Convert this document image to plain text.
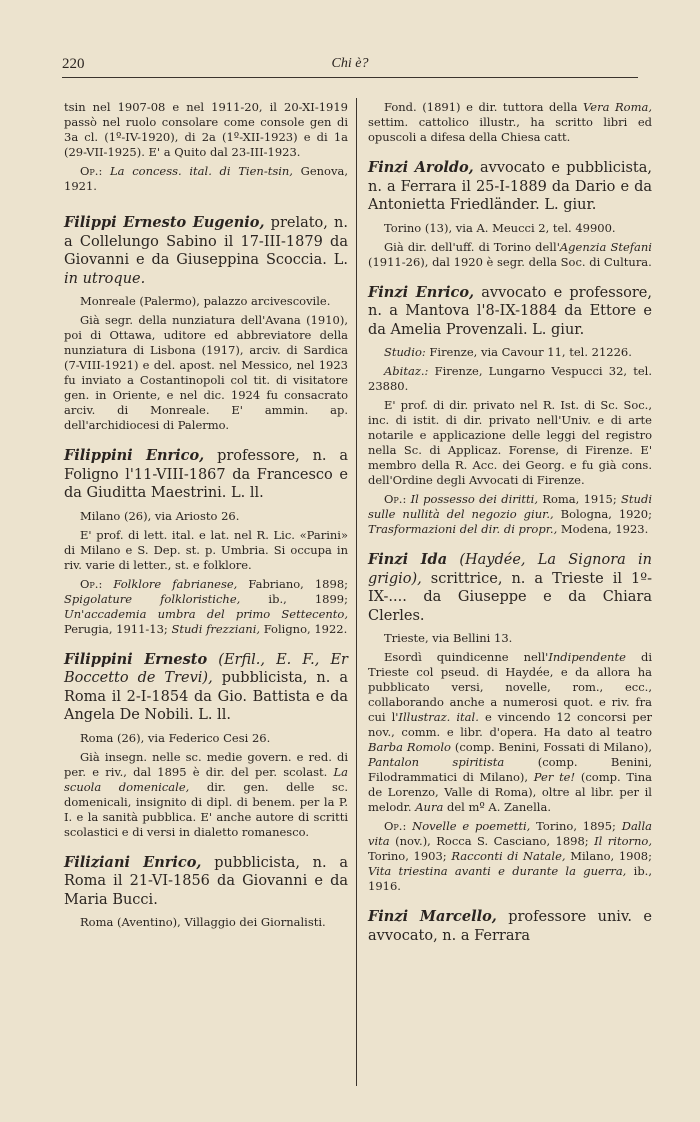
220	Chi è?

tsin nel 1907-08 e nel 1911-20, il 20-XI-1919 passò nel ruolo consolare come console gen di 3a cl. (1º-IV-1920), di 2a (1º-XII-1923) e di 1a (29-VII-1925). E' a Quito dal 23-III-1923.

Op.: La concess. ital. di Tien-tsin, Genova, 1921.

Filippi Ernesto Eugenio, prelato, n. a Collelungo Sabino il 17-III-1879 da Giovanni e da Giuseppina Scoccia. L. in utroque.

Monreale (Palermo), palazzo arcivescovile.

Già segr. della nunziatura dell'Avana (1910), poi di Ottawa, uditore ed abbreviatore della nunziatura di Lisbona (1917), arciv. di Sardica (7-VIII-1921) e del. apost. nel Messico, nel 1923 fu inviato a Costantinopoli col tit. di visitatore gen. in Oriente, e nel dic. 1924 fu consacrato arciv. di Monreale. E' ammin. ap. dell'archidiocesi di Palermo.

Filippini Enrico, professore, n. a Foligno l'11-VIII-1867 da Francesco e da Giuditta Maestrini. L. ll.

Milano (26), via Ariosto 26.

E' prof. di lett. ital. e lat. nel R. Lic. «Parini» di Milano e S. Dep. st. p. Umbria. Si occupa in riv. varie di letter., st. e folklore.

Op.: Folklore fabrianese, Fabriano, 1898; Spigolature folkloristiche, ib., 1899; Un'accademia umbra del primo Settecento, Perugia, 1911-13; Studi frezziani, Foligno, 1922.

Filippini Ernesto (Erfil., E. F., Er Boccetto de Trevi), pubblicista, n. a Roma il 2-I-1854 da Gio. Battista e da Angela De Nobili. L. ll.

Roma (26), via Federico Cesi 26.

Già insegn. nelle sc. medie govern. e red. di per. e riv., dal 1895 è dir. del per. scolast. La scuola domenicale, dir. gen. delle sc. domenicali, insignito di dipl. di benem. per la P. I. e la sanità pubblica. E' anche autore di scritti scolastici e di versi in dialetto romanesco.

Filiziani Enrico, pubblicista, n. a Roma il 21-VI-1856 da Giovanni e da Maria Bucci.

Roma (Aventino), Villaggio dei Giornalisti.

Fond. (1891) e dir. tuttora della Vera Roma, settim. cattolico illustr., ha scritto libri ed opuscoli a difesa della Chiesa catt.

Finzi Aroldo, avvocato e pubblicista, n. a Ferrara il 25-I-1889 da Dario e da Antonietta Friedländer. L. giur.

Torino (13), via A. Meucci 2, tel. 49900.

Già dir. dell'uff. di Torino dell'Agenzia Stefani (1911-26), dal 1920 è segr. della Soc. di Cultura.

Finzi Enrico, avvocato e professore, n. a Mantova l'8-IX-1884 da Ettore e da Amelia Provenzali. L. giur.

Studio: Firenze, via Cavour 11, tel. 21226.

Abitaz.: Firenze, Lungarno Vespucci 32, tel. 23880.

E' prof. di dir. privato nel R. Ist. di Sc. Soc., inc. di istit. di dir. privato nell'Univ. e di arte notarile e applicazione delle leggi del registro nella Sc. di Applicaz. Forense, di Firenze. E' membro della R. Acc. dei Georg. e fu già cons. dell'Ordine degli Avvocati di Firenze.

Op.: Il possesso dei diritti, Roma, 1915; Studi sulle nullità del negozio giur., Bologna, 1920; Trasformazioni del dir. di propr., Modena, 1923.

Finzi Ida (Haydée, La Signora in grigio), scrittrice, n. a Trieste il 1º-IX-.... da Giuseppe e da Chiara Clerles.

Trieste, via Bellini 13.

Esordì quindicenne nell'Indipendente di Trieste col pseud. di Haydée, e da allora ha pubblicato versi, novelle, rom., ecc., collaborando anche a numerosi quot. e riv. fra cui l'Illustraz. ital. e vincendo 12 concorsi per nov., comm. e libr. d'opera. Ha dato al teatro Barba Romolo (comp. Benini, Fossati di Milano), Pantalon spiritista	(comp. Benini, Filodrammatici di Milano), Per te! (comp. Tina de Lorenzo, Valle di Roma), oltre al libr. per il melodr. Aura del mº A. Zanella.

Op.: Novelle e poemetti, Torino, 1895; Dalla vita (nov.), Rocca S. Casciano, 1898; Il ritorno, Torino, 1903; Racconti di Natale, Milano, 1908; Vita triestina avanti e durante la guerra, ib., 1916.

Finzi Marcello, professore univ. e avvocato, n. a Ferrara
